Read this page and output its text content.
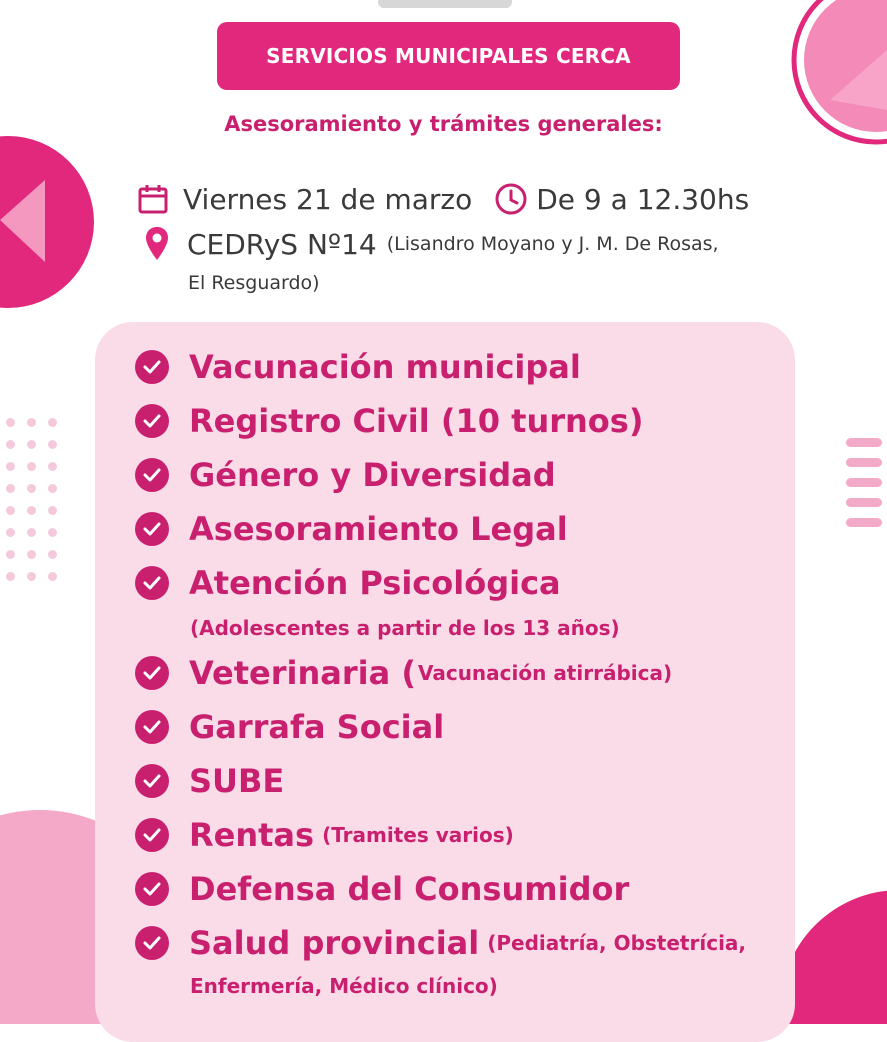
SERVICIOS MUNICIPALES CERCA
Asesoramiento y trámites generales:
Viernes 21 de marzo De 9 a 12.30hs
CEDRyS Nº14 (Lisandro Moyano y J. M. De Rosas,
El Resguardo)
Vacunación municipal
Registro Civil (10 turnos)
Género y Diversidad
Asesoramiento Legal
Atención Psicológica
(Adolescentes a partir de los 13 años)
Veterinaria ( Vacunación atirrábica)
Garrafa Social
SUBE
Rentas (Tramites varios)
Defensa del Consumidor
Salud provincial (Pediatría, Obstetrícia,
Enfermería, Médico clínico)
